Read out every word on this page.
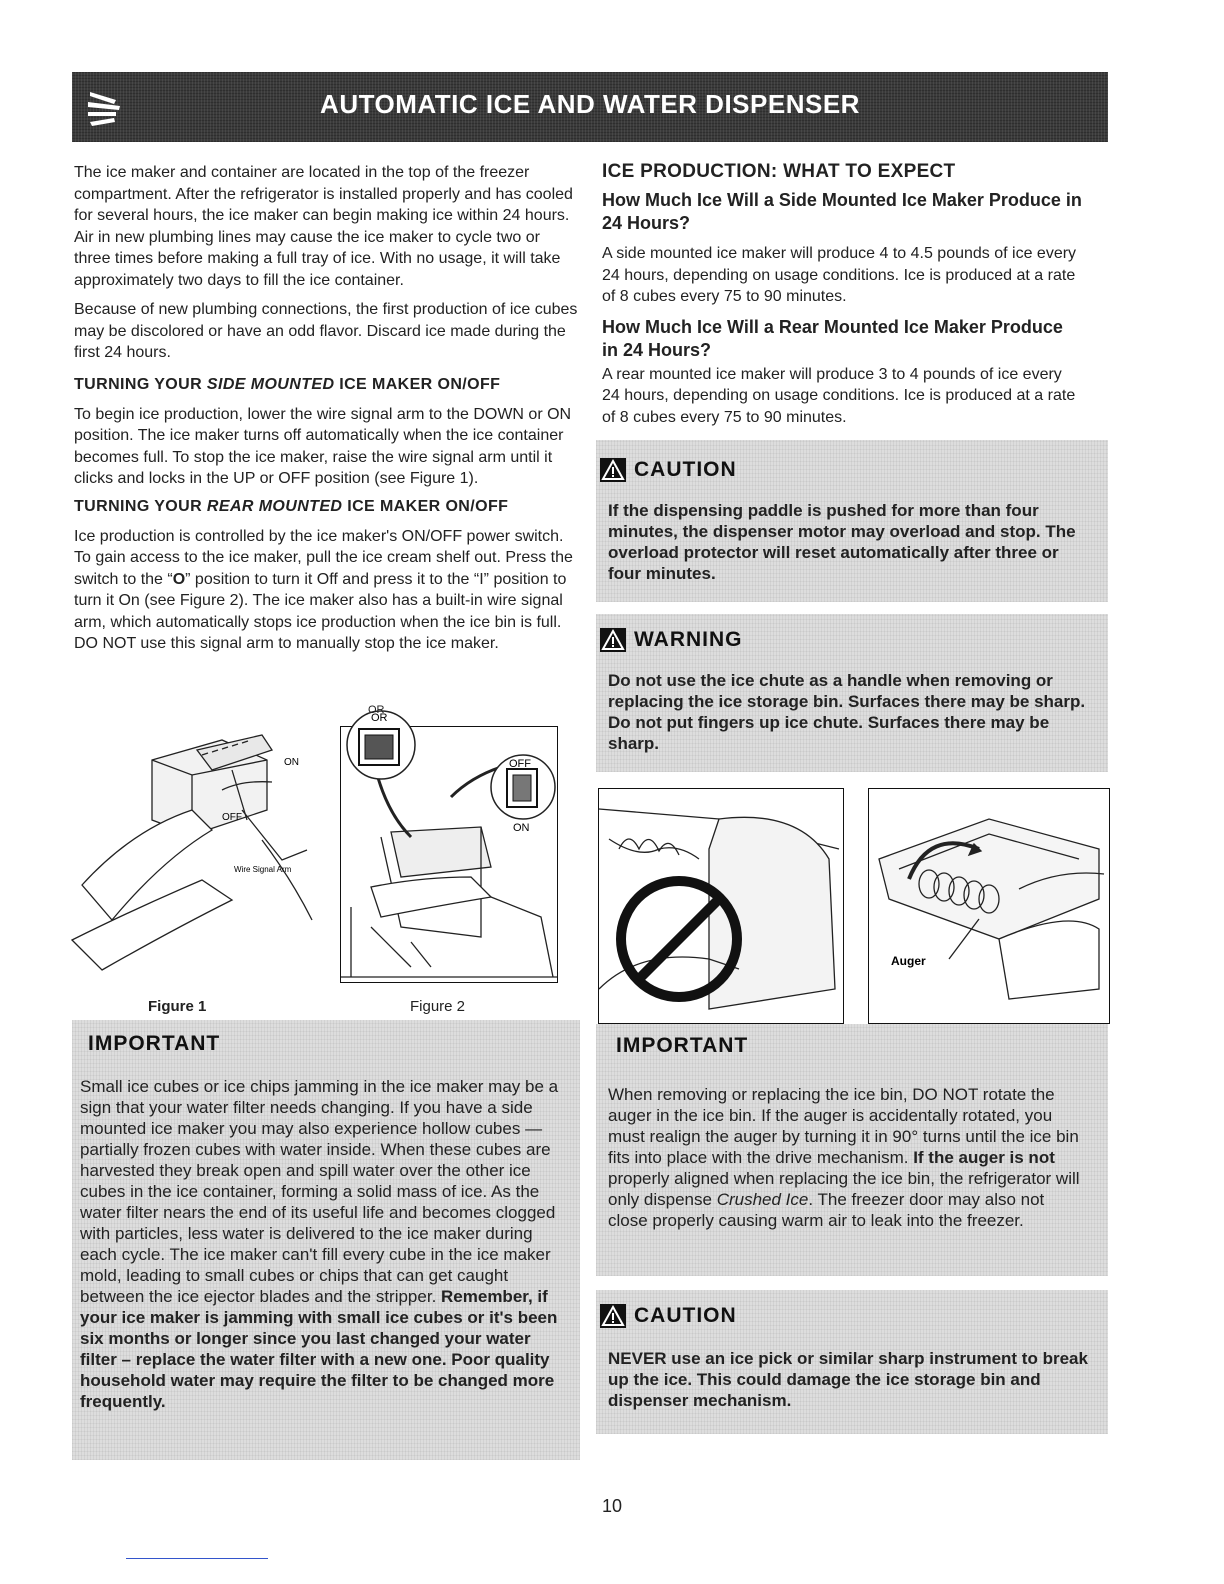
AUTOMATIC ICE AND WATER DISPENSER

The ice maker and container are located in the top of the freezer compartment. After the refrigerator is installed properly and has cooled for several hours, the ice maker can begin making ice within 24 hours. Air in new plumbing lines may cause the ice maker to cycle two or three times before making a full tray of ice. With no usage, it will take approximately two days to fill the ice container.

Because of new plumbing connections, the first production of ice cubes may be discolored or have an odd flavor. Discard ice made during the first 24 hours.

TURNING YOUR SIDE MOUNTED ICE MAKER ON/OFF

To begin ice production, lower the wire signal arm to the DOWN or ON position. The ice maker turns off automatically when the ice container becomes full. To stop the ice maker, raise the wire signal arm until it clicks and locks in the UP or OFF position (see Figure 1).

TURNING YOUR REAR MOUNTED ICE MAKER ON/OFF

Ice production is controlled by the ice maker's ON/OFF power switch. To gain access to the ice maker, pull the ice cream shelf out. Press the switch to the “O” position to turn it Off and press it to the “I” position to turn it On (see Figure 2). The ice maker also has a built-in wire signal arm, which automatically stops ice production when the ice bin is full. DO NOT use this signal arm to manually stop the ice maker.

ON
OFF
Wire Signal Arm
Figure 1
OR
OFF
ON
OR
Figure 2
IMPORTANT
Small ice cubes or ice chips jamming in the ice maker may be a sign that your water filter needs changing. If you have a side mounted ice maker you may also experience hollow cubes — partially frozen cubes with water inside. When these cubes are harvested they break open and spill water over the other ice cubes in the ice container, forming a solid mass of ice. As the water filter nears the end of its useful life and becomes clogged with particles, less water is delivered to the ice maker during each cycle. The ice maker can't fill every cube in the ice maker mold, leading to small cubes or chips that can get caught between the ice ejector blades and the stripper. Remember, if your ice maker is jamming with small ice cubes or it's been six months or longer since you last changed your water filter – replace the water filter with a new one. Poor quality household water may require the filter to be changed more frequently.

ICE PRODUCTION: WHAT TO EXPECT

How Much Ice Will a Side Mounted Ice Maker Produce in 24 Hours?

A side mounted ice maker will produce 4 to 4.5 pounds of ice every 24 hours, depending on usage conditions. Ice is produced at a rate of 8 cubes every 75 to 90 minutes.

How Much Ice Will a Rear Mounted Ice Maker Produce in 24 Hours?

A rear mounted ice maker will produce 3 to 4 pounds of ice every 24 hours, depending on usage conditions. Ice is produced at a rate of 8 cubes every 75 to 90 minutes.

CAUTION
If the dispensing paddle is pushed for more than four minutes, the dispenser motor may overload and stop. The overload protector will reset automatically after three or four minutes.
WARNING
Do not use the ice chute as a handle when removing or replacing the ice storage bin. Surfaces there may be sharp. Do not put fingers up ice chute. Surfaces there may be sharp.
Auger
IMPORTANT
When removing or replacing the ice bin, DO NOT rotate the auger in the ice bin. If the auger is accidentally rotated, you must realign the auger by turning it in 90° turns until the ice bin fits into place with the drive mechanism. If the auger is not properly aligned when replacing the ice bin, the refrigerator will only dispense Crushed Ice. The freezer door may also not close properly causing warm air to leak into the freezer.
CAUTION
NEVER use an ice pick or similar sharp instrument to break up the ice. This could damage the ice storage bin and dispenser mechanism.
10
